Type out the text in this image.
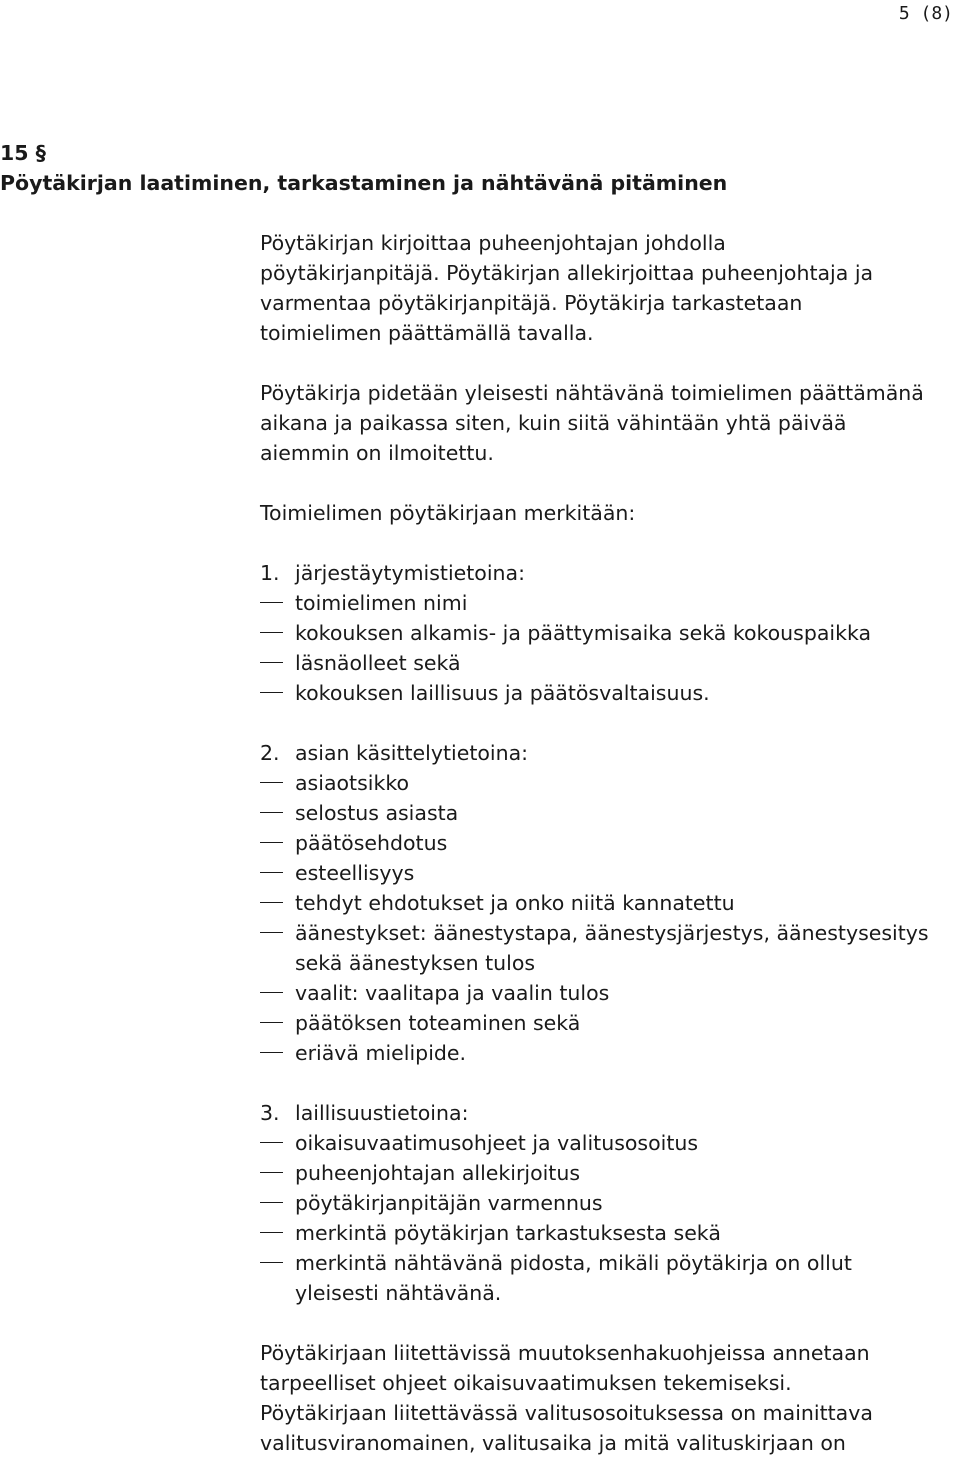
5 (8)
15 §
Pöytäkirjan laatiminen, tarkastaminen ja nähtävänä pitäminen
Pöytäkirjan kirjoittaa puheenjohtajan johdolla
pöytäkirjanpitäjä. Pöytäkirjan allekirjoittaa puheenjohtaja ja
varmentaa pöytäkirjanpitäjä. Pöytäkirja tarkastetaan
toimielimen päättämällä tavalla.
Pöytäkirja pidetään yleisesti nähtävänä toimielimen päättämänä
aikana ja paikassa siten, kuin siitä vähintään yhtä päivää
aiemmin on ilmoitettu.
Toimielimen pöytäkirjaan merkitään:
1. järjestäytymistietoina:
toimielimen nimi
kokouksen alkamis- ja päättymisaika sekä kokouspaikka
läsnäolleet sekä
kokouksen laillisuus ja päätösvaltaisuus.
2. asian käsittelytietoina:
asiaotsikko
selostus asiasta
päätösehdotus
esteellisyys
tehdyt ehdotukset ja onko niitä kannatettu
äänestykset: äänestystapa, äänestysjärjestys, äänestysesitys
sekä äänestyksen tulos
vaalit: vaalitapa ja vaalin tulos
päätöksen toteaminen sekä
eriävä mielipide.
3. laillisuustietoina:
oikaisuvaatimusohjeet ja valitusosoitus
puheenjohtajan allekirjoitus
pöytäkirjanpitäjän varmennus
merkintä pöytäkirjan tarkastuksesta sekä
merkintä nähtävänä pidosta, mikäli pöytäkirja on ollut
yleisesti nähtävänä.
Pöytäkirjaan liitettävissä muutoksenhakuohjeissa annetaan
tarpeelliset ohjeet oikaisuvaatimuksen tekemiseksi.
Pöytäkirjaan liitettävässä valitusosoituksessa on mainittava
valitusviranomainen, valitusaika ja mitä valituskirjaan on
